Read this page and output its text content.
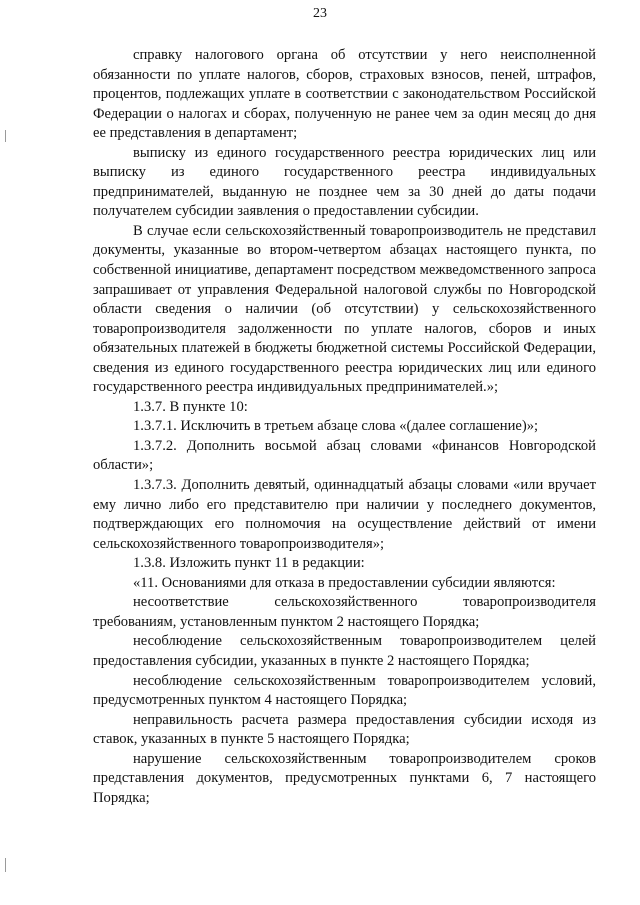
23

справку налогового органа об отсутствии у него неисполненной обязанности по уплате налогов, сборов, страховых взносов, пеней, штрафов, процентов, подлежащих уплате в соответствии с законодательством Российской Федерации о налогах и сборах, полученную не ранее чем за один месяц до дня ее представления в департамент;

выписку из единого государственного реестра юридических лиц или выписку из единого государственного реестра индивидуальных предпринимателей, выданную не позднее чем за 30 дней до даты подачи получателем субсидии заявления о предоставлении субсидии.

В случае если сельскохозяйственный товаропроизводитель не представил документы, указанные во втором-четвертом абзацах настоящего пункта, по собственной инициативе, департамент посредством межведомственного запроса запрашивает от управления Федеральной налоговой службы по Новгородской области сведения о наличии (об отсутствии) у сельскохозяйственного товаропроизводителя задолженности по уплате налогов, сборов и иных обязательных платежей в бюджеты бюджетной системы Российской Федерации, сведения из единого государственного реестра юридических лиц или единого государственного реестра индивидуальных предпринимателей.»;

1.3.7. В пункте 10:

1.3.7.1. Исключить в третьем абзаце слова «(далее соглашение)»;

1.3.7.2. Дополнить восьмой абзац словами «финансов Новгородской области»;

1.3.7.3. Дополнить девятый, одиннадцатый абзацы словами «или вручает ему лично либо его представителю при наличии у последнего документов, подтверждающих его полномочия на осуществление действий от имени сельскохозяйственного товаропроизводителя»;

1.3.8. Изложить пункт 11 в редакции:

«11. Основаниями для отказа в предоставлении субсидии являются:

несоответствие сельскохозяйственного товаропроизводителя требованиям, установленным пунктом 2 настоящего Порядка;

несоблюдение сельскохозяйственным товаропроизводителем целей предоставления субсидии, указанных в пункте 2 настоящего Порядка;

несоблюдение сельскохозяйственным товаропроизводителем условий, предусмотренных пунктом 4 настоящего Порядка;

неправильность расчета размера предоставления субсидии исходя из ставок, указанных в пункте 5 настоящего Порядка;

нарушение сельскохозяйственным товаропроизводителем сроков представления документов, предусмотренных пунктами 6, 7 настоящего Порядка;
